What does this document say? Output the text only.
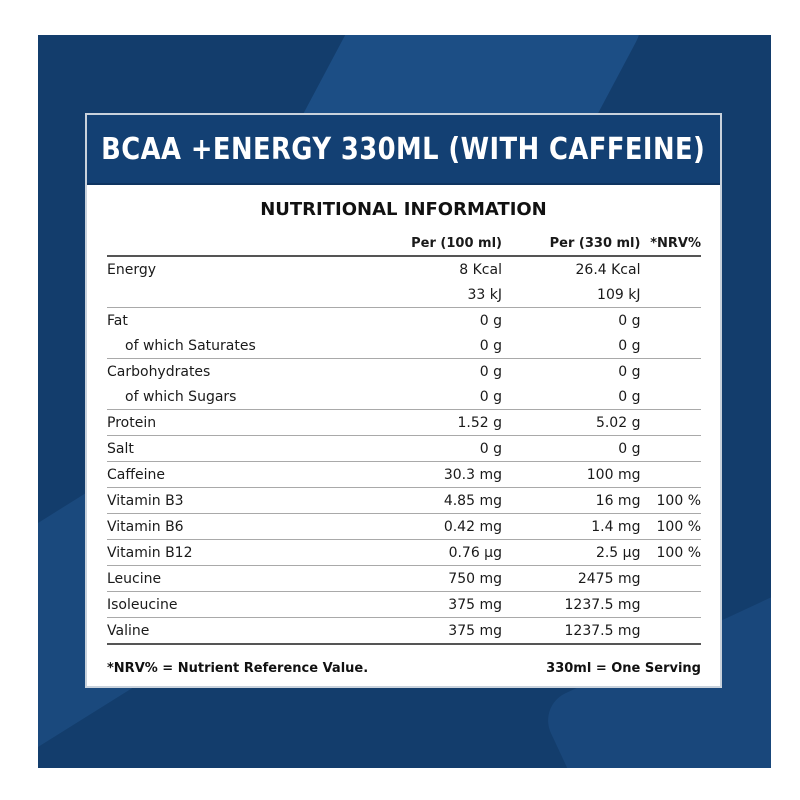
BCAA +ENERGY 330ML (WITH CAFFEINE)
NUTRITIONAL INFORMATION
	Per (100 ml)	Per (330 ml)	*NRV%
Energy	8 Kcal	26.4 Kcal	
	33 kJ	109 kJ	
Fat	0 g	0 g	
of which Saturates	0 g	0 g	
Carbohydrates	0 g	0 g	
of which Sugars	0 g	0 g	
Protein	1.52 g	5.02 g	
Salt	0 g	0 g	
Caffeine	30.3 mg	100 mg	
Vitamin B3	4.85 mg	16 mg	100 %
Vitamin B6	0.42 mg	1.4 mg	100 %
Vitamin B12	0.76 µg	2.5 µg	100 %
Leucine	750 mg	2475 mg	
Isoleucine	375 mg	1237.5 mg	
Valine	375 mg	1237.5 mg	
*NRV% = Nutrient Reference Value.	330ml = One Serving
